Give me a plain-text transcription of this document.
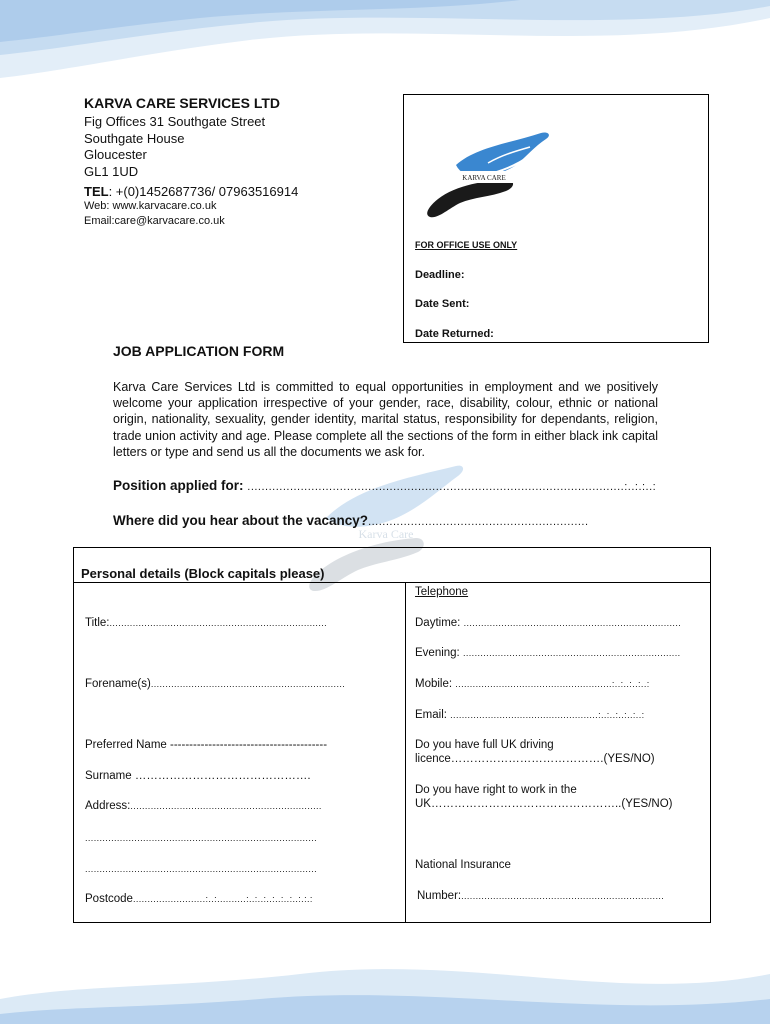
KARVA CARE SERVICES LTD
Fig Offices 31 Southgate Street
Southgate House
Gloucester
GL1 1UD
TEL: +(0)1452687736/ 07963516914
Web: www.karvacare.co.uk
Email:care@karvacare.co.uk
KARVA CARE
FOR OFFICE USE ONLY
Deadline:
Date Sent:
Date Returned:
Karva Care
JOB APPLICATION FORM
Karva Care Services Ltd is committed to equal opportunities in employment and we positively welcome your application irrespective of your gender, race, disability, colour, ethnic or national origin, nationality, sexuality, gender identity, marital status, responsibility for dependants, religion, trade union activity and age. Please complete all the sections of the form in either black ink capital letters or type and send us all the documents we ask for.
Position applied for: ..........................................................................................................:..:.:..:
Where did you hear about the vacancy?..............................................................
Personal details (Block capitals please)
Title:...........................................................................
Forename(s)...................................................................
Preferred Name -----------------------------------------
Surname ……………………………………….
Address:..................................................................
................................................................................
................................................................................
Postcode.........................:..:..........:..:..:..:..:..:..:.:.:
Telephone
Daytime: ...........................................................................
Evening: ...........................................................................
Mobile: ......................................................:..:..:..:..:
Email: ...................................................:..:..:..:..:..:
Do you have full UK driving
licence………………………………….(YES/NO)
Do you have right to work in the
UK…………………………………………..(YES/NO)
National Insurance
Number:......................................................................
